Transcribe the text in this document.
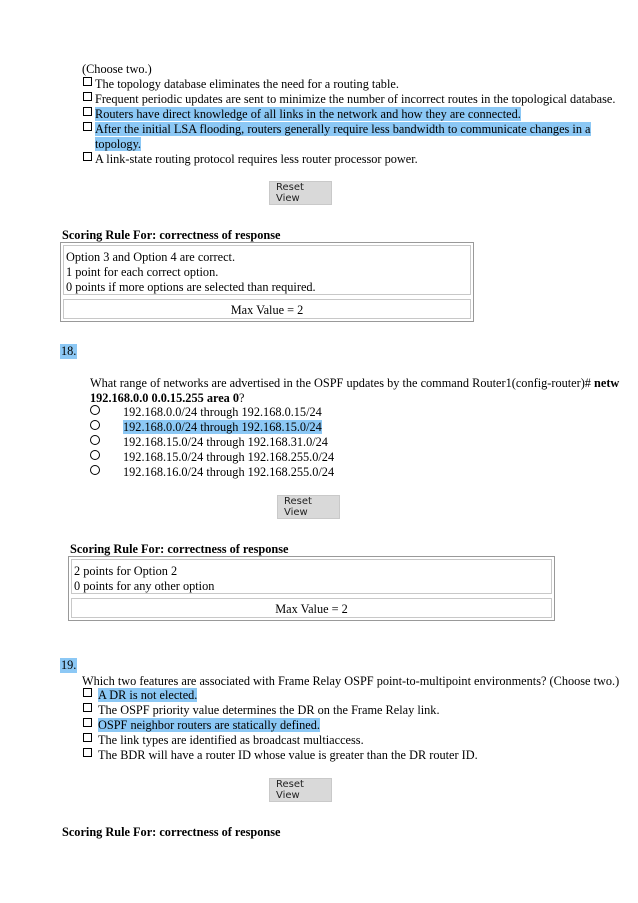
(Choose two.)
The topology database eliminates the need for a routing table.
Frequent periodic updates are sent to minimize the number of incorrect routes in the topological database.
Routers have direct knowledge of all links in the network and how they are connected.
After the initial LSA flooding, routers generally require less bandwidth to communicate changes in a
topology.
A link-state routing protocol requires less router processor power.
Reset View
Scoring Rule For: correctness of response
Option 3 and Option 4 are correct.
1 point for each correct option.
0 points if more options are selected than required.
Max Value = 2
18.
What range of networks are advertised in the OSPF updates by the command Router1(config-router)# netw
192.168.0.0 0.0.15.255 area 0?
192.168.0.0/24 through 192.168.0.15/24
192.168.0.0/24 through 192.168.15.0/24
192.168.15.0/24 through 192.168.31.0/24
192.168.15.0/24 through 192.168.255.0/24
192.168.16.0/24 through 192.168.255.0/24
Reset View
Scoring Rule For: correctness of response
2 points for Option 2
0 points for any other option
Max Value = 2
19.
Which two features are associated with Frame Relay OSPF point-to-multipoint environments? (Choose two.)
A DR is not elected.
The OSPF priority value determines the DR on the Frame Relay link.
OSPF neighbor routers are statically defined.
The link types are identified as broadcast multiaccess.
The BDR will have a router ID whose value is greater than the DR router ID.
Reset View
Scoring Rule For: correctness of response
